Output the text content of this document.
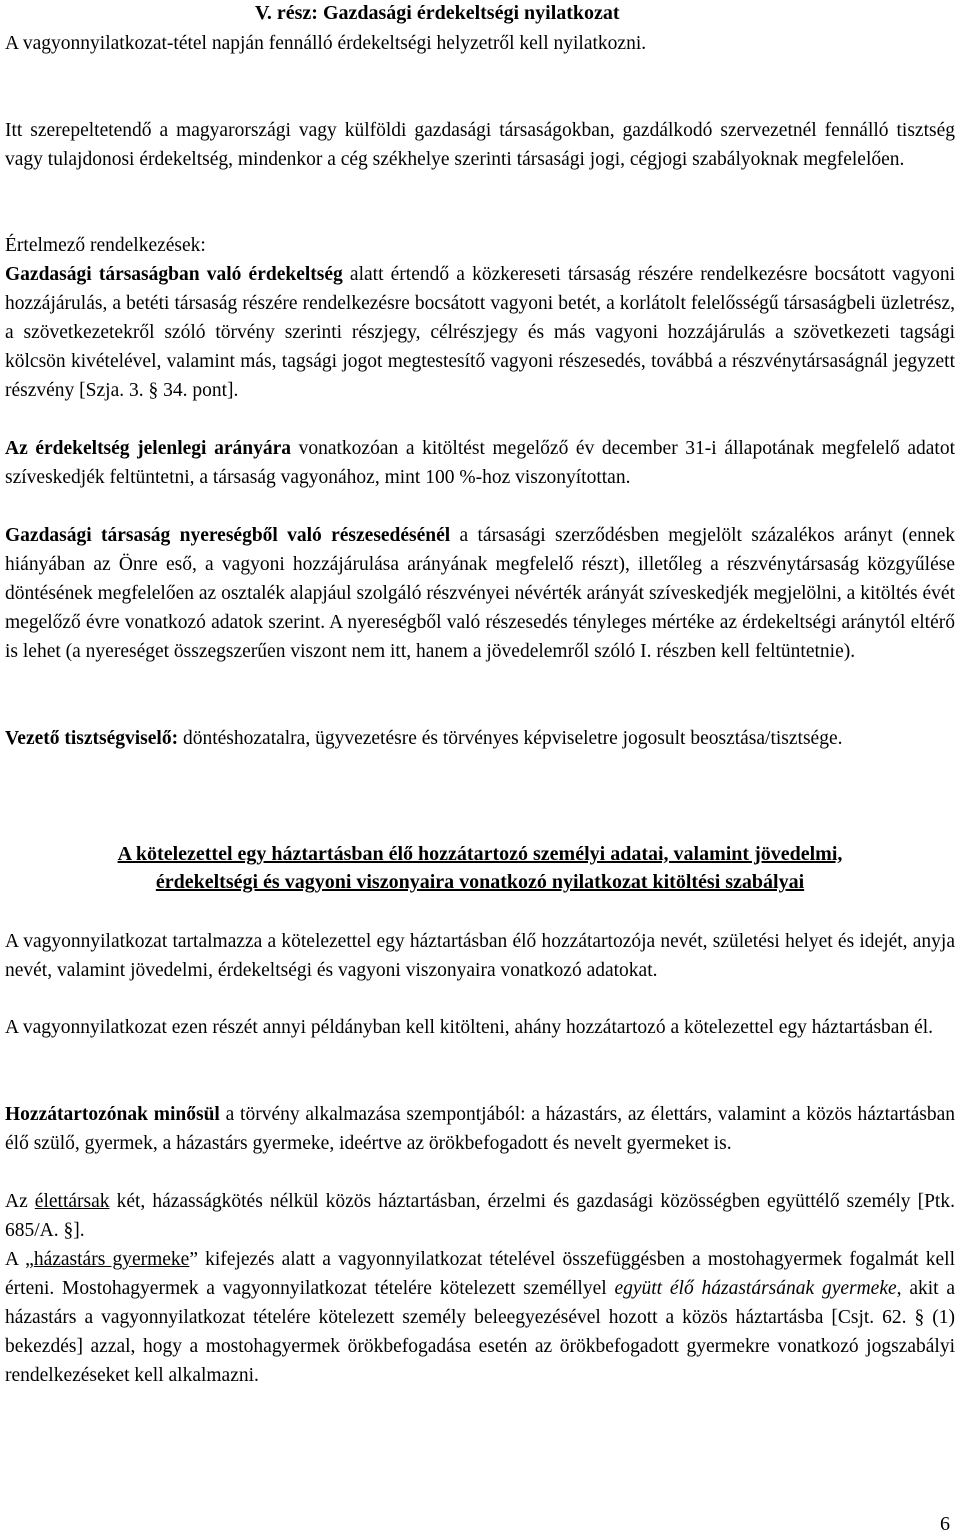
V. rész: Gazdasági érdekeltségi nyilatkozat
A vagyonnyilatkozat-tétel napján fennálló érdekeltségi helyzetről kell nyilatkozni.
Itt szerepeltetendő a magyarországi vagy külföldi gazdasági társaságokban, gazdálkodó szervezetnél fennálló tisztség vagy tulajdonosi érdekeltség, mindenkor a cég székhelye szerinti társasági jogi, cégjogi szabályoknak megfelelően.
Értelmező rendelkezések:
Gazdasági társaságban való érdekeltség alatt értendő a közkereseti társaság részére rendelkezésre bocsátott vagyoni hozzájárulás, a betéti társaság részére rendelkezésre bocsátott vagyoni betét, a korlátolt felelősségű társaságbeli üzletrész, a szövetkezetekről szóló törvény szerinti részjegy, célrészjegy és más vagyoni hozzájárulás a szövetkezeti tagsági kölcsön kivételével, valamint más, tagsági jogot megtestesítő vagyoni részesedés, továbbá a részvénytársaságnál jegyzett részvény [Szja. 3. § 34. pont].
Az érdekeltség jelenlegi arányára vonatkozóan a kitöltést megelőző év december 31-i állapotának megfelelő adatot szíveskedjék feltüntetni, a társaság vagyonához, mint 100 %-hoz viszonyítottan.
Gazdasági társaság nyereségből való részesedésénél a társasági szerződésben megjelölt százalékos arányt (ennek hiányában az Önre eső, a vagyoni hozzájárulása arányának megfelelő részt), illetőleg a részvénytársaság közgyűlése döntésének megfelelően az osztalék alapjául szolgáló részvényei névérték arányát szíveskedjék megjelölni, a kitöltés évét megelőző évre vonatkozó adatok szerint. A nyereségből való részesedés tényleges mértéke az érdekeltségi aránytól eltérő is lehet (a nyereséget összegszerűen viszont nem itt, hanem a jövedelemről szóló I. részben kell feltüntetnie).
Vezető tisztségviselő: döntéshozatalra, ügyvezetésre és törvényes képviseletre jogosult beosztása/tisztsége.
A kötelezettel egy háztartásban élő hozzátartozó személyi adatai, valamint jövedelmi,
érdekeltségi és vagyoni viszonyaira vonatkozó nyilatkozat kitöltési szabályai
A vagyonnyilatkozat tartalmazza a kötelezettel egy háztartásban élő hozzátartozója nevét, születési helyet és idejét, anyja nevét, valamint jövedelmi, érdekeltségi és vagyoni viszonyaira vonatkozó adatokat.
A vagyonnyilatkozat ezen részét annyi példányban kell kitölteni, ahány hozzátartozó a kötelezettel egy háztartásban él.
Hozzátartozónak minősül a törvény alkalmazása szempontjából: a házastárs, az élettárs, valamint a közös háztartásban élő szülő, gyermek, a házastárs gyermeke, ideértve az örökbefogadott és nevelt gyermeket is.
Az élettársak két, házasságkötés nélkül közös háztartásban, érzelmi és gazdasági közösségben együttélő személy [Ptk. 685/A. §].
A „házastárs gyermeke” kifejezés alatt a vagyonnyilatkozat tételével összefüggésben a mostohagyermek fogalmát kell érteni. Mostohagyermek a vagyonnyilatkozat tételére kötelezett személlyel együtt élő házastársának gyermeke, akit a házastárs a vagyonnyilatkozat tételére kötelezett személy beleegyezésével hozott a közös háztartásba [Csjt. 62. § (1) bekezdés] azzal, hogy a mostohagyermek örökbefogadása esetén az örökbefogadott gyermekre vonatkozó jogszabályi rendelkezéseket kell alkalmazni.
6
